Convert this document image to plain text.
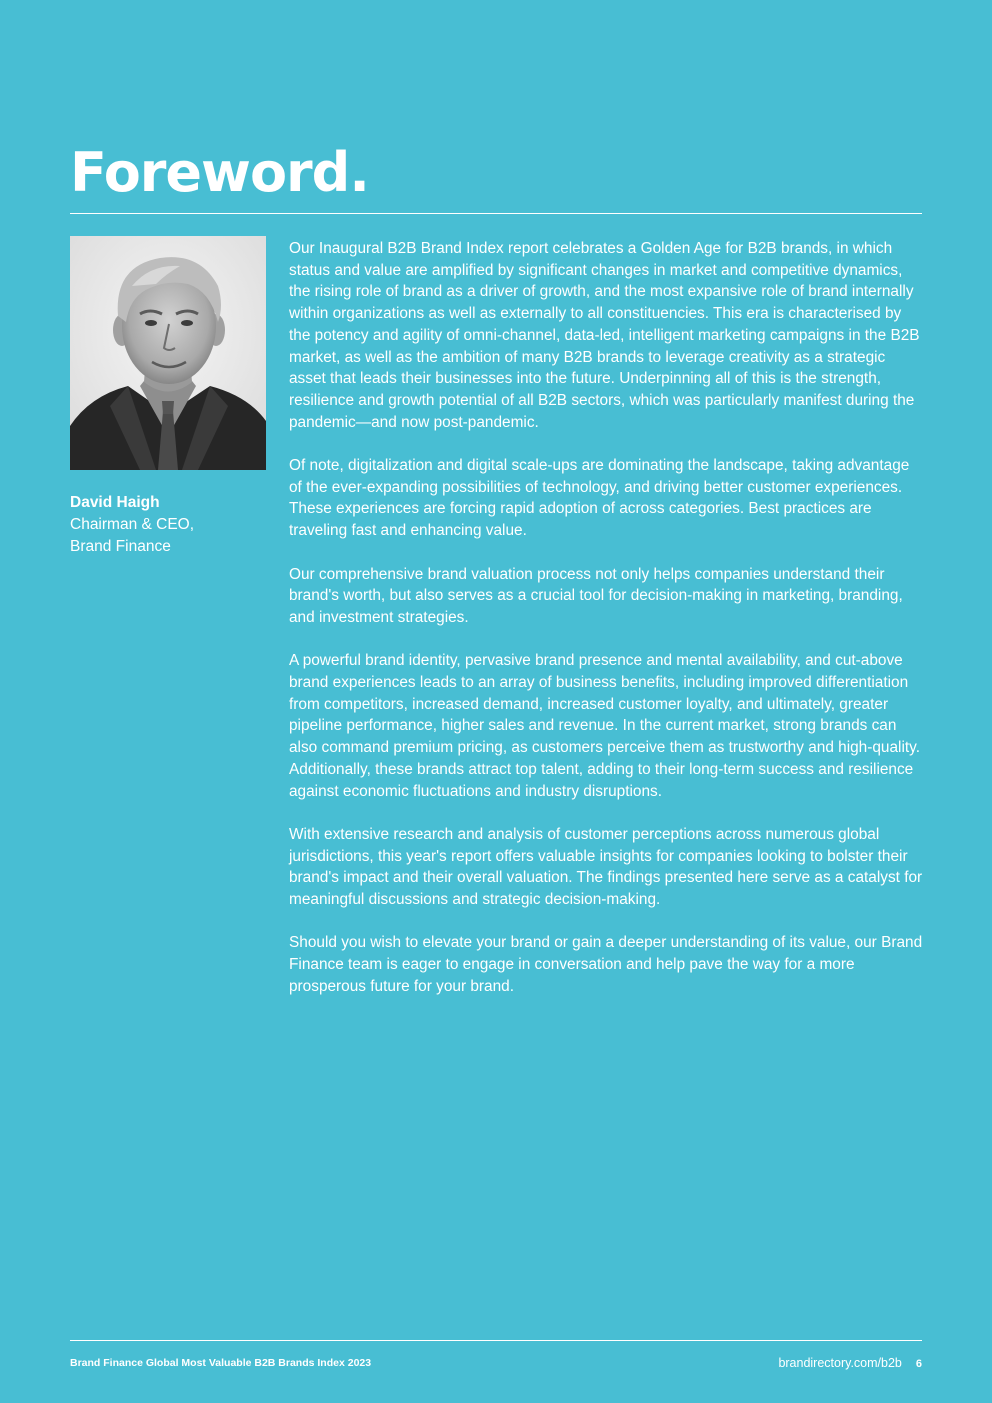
Foreword.
David Haigh
Chairman & CEO,
Brand Finance

Our Inaugural B2B Brand Index report celebrates a Golden Age for B2B brands, in which status and value are amplified by significant changes in market and competitive dynamics, the rising role of brand as a driver of growth, and the most expansive role of brand internally within organizations as well as externally to all constituencies. This era is characterised by the potency and agility of omni-channel, data-led, intelligent marketing campaigns in the B2B market, as well as the ambition of many B2B brands to leverage creativity as a strategic asset that leads their businesses into the future. Underpinning all of this is the strength, resilience and growth potential of all B2B sectors, which was particularly manifest during the pandemic—and now post-pandemic.

Of note, digitalization and digital scale-ups are dominating the landscape, taking advantage of the ever-expanding possibilities of technology, and driving better customer experiences. These experiences are forcing rapid adoption of across categories. Best practices are traveling fast and enhancing value.

Our comprehensive brand valuation process not only helps companies understand their brand's worth, but also serves as a crucial tool for decision-making in marketing, branding, and investment strategies.

A powerful brand identity, pervasive brand presence and mental availability, and cut-above brand experiences leads to an array of business benefits, including improved differentiation from competitors, increased demand, increased customer loyalty, and ultimately, greater pipeline performance, higher sales and revenue. In the current market, strong brands can also command premium pricing, as customers perceive them as trustworthy and high-quality. Additionally, these brands attract top talent, adding to their long-term success and resilience against economic fluctuations and industry disruptions.

With extensive research and analysis of customer perceptions across numerous global jurisdictions, this year's report offers valuable insights for companies looking to bolster their brand's impact and their overall valuation. The findings presented here serve as a catalyst for meaningful discussions and strategic decision-making.

Should you wish to elevate your brand or gain a deeper understanding of its value, our Brand Finance team is eager to engage in conversation and help pave the way for a more prosperous future for your brand.

Brand Finance Global Most Valuable B2B Brands Index 2023	brandirectory.com/b2b 6
